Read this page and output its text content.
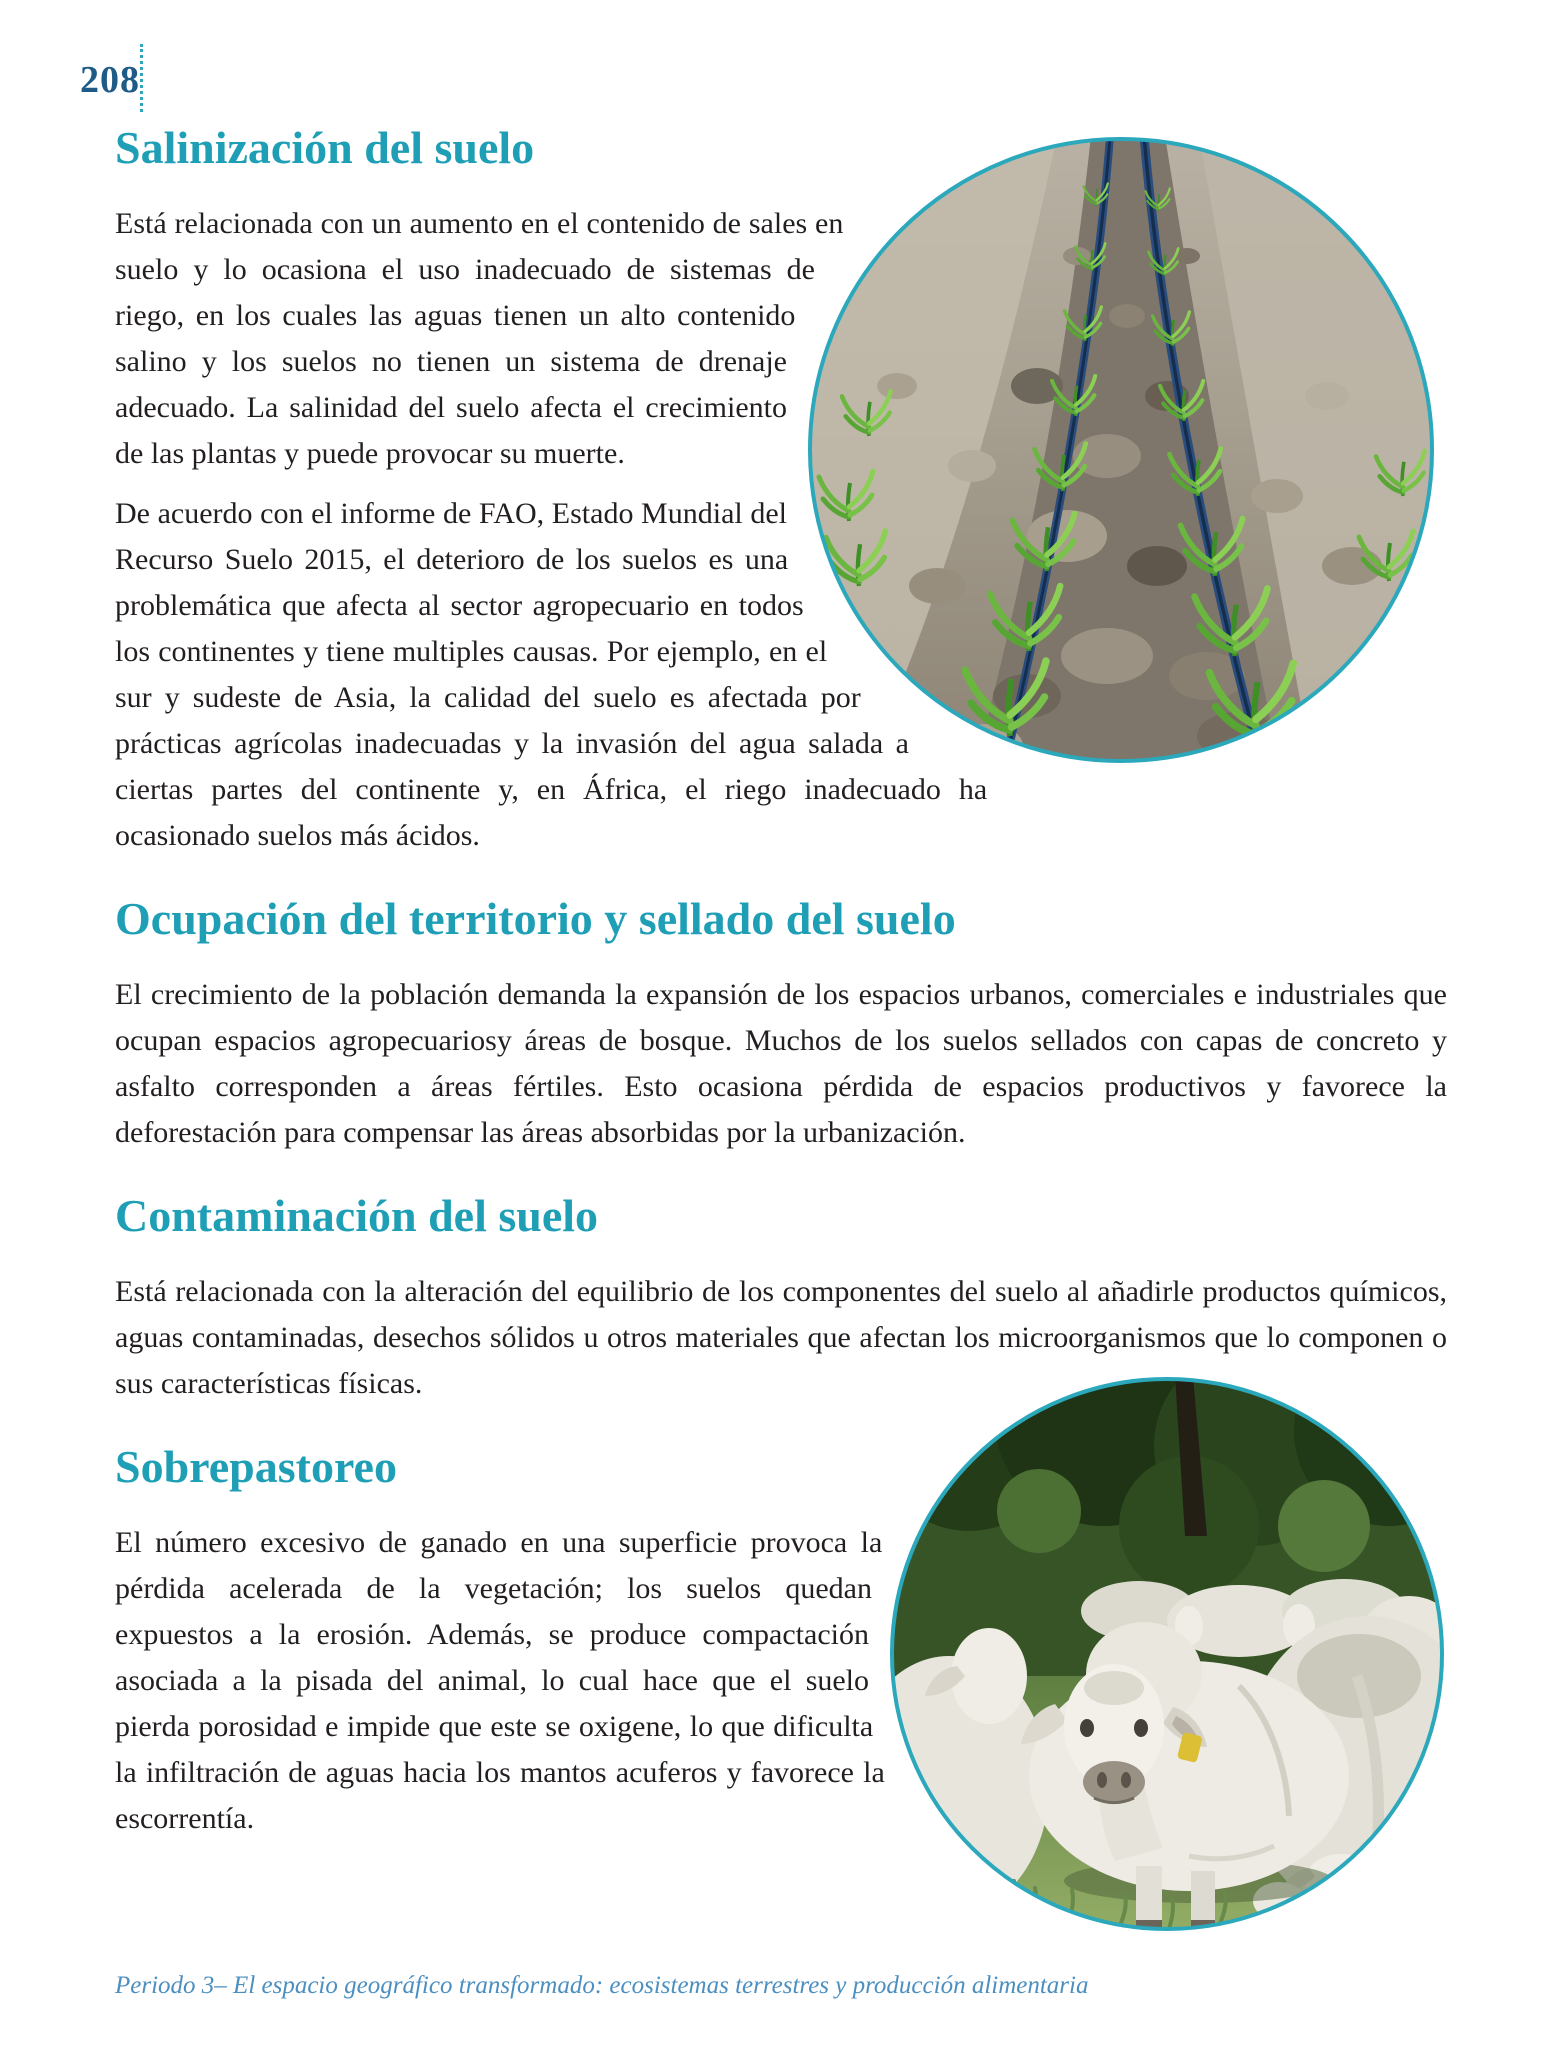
208
Salinización del suelo

Está relacionada con un aumento en el contenido de sales en suelo y lo ocasiona el uso inadecuado de sistemas de riego, en los cuales las aguas tienen un alto contenido salino y los suelos no tienen un sistema de drenaje adecuado. La salinidad del suelo afecta el crecimiento de las plantas y puede provocar su muerte.

De acuerdo con el informe de FAO, Estado Mundial del Recurso Suelo 2015, el deterioro de los suelos es una problemática que afecta al sector agropecuario en todos los continentes y tiene multiples causas. Por ejemplo, en el sur y sudeste de Asia, la calidad del suelo es afectada por prácticas agrícolas inadecuadas y la invasión del agua salada a ciertas partes del continente y, en África, el riego inadecuado ha ocasionado suelos más ácidos.

Ocupación del territorio y sellado del suelo

El crecimiento de la población demanda la expansión de los espacios urbanos, comerciales e industriales que ocupan espacios agropecuariosy áreas de bosque. Muchos de los suelos sellados con capas de concreto y asfalto corresponden a áreas fértiles. Esto ocasiona pérdida de espacios productivos y favorece la deforestación para compensar las áreas absorbidas por la urbanización.

Contaminación del suelo

Está relacionada con la alteración del equilibrio de los componentes del suelo al añadirle productos químicos, aguas contaminadas, desechos sólidos u otros materiales que afectan los microorganismos que lo componen o sus características físicas.

Sobrepastoreo

El número excesivo de ganado en una superficie provoca la pérdida acelerada de la vegetación; los suelos quedan expuestos a la erosión. Además, se produce compactación asociada a la pisada del animal, lo cual hace que el suelo pierda porosidad e impide que este se oxigene, lo que dificulta la infiltración de aguas hacia los mantos acuferos y favorece la escorrentía.

Periodo 3– El espacio geográfico transformado: ecosistemas terrestres y producción alimentaria
